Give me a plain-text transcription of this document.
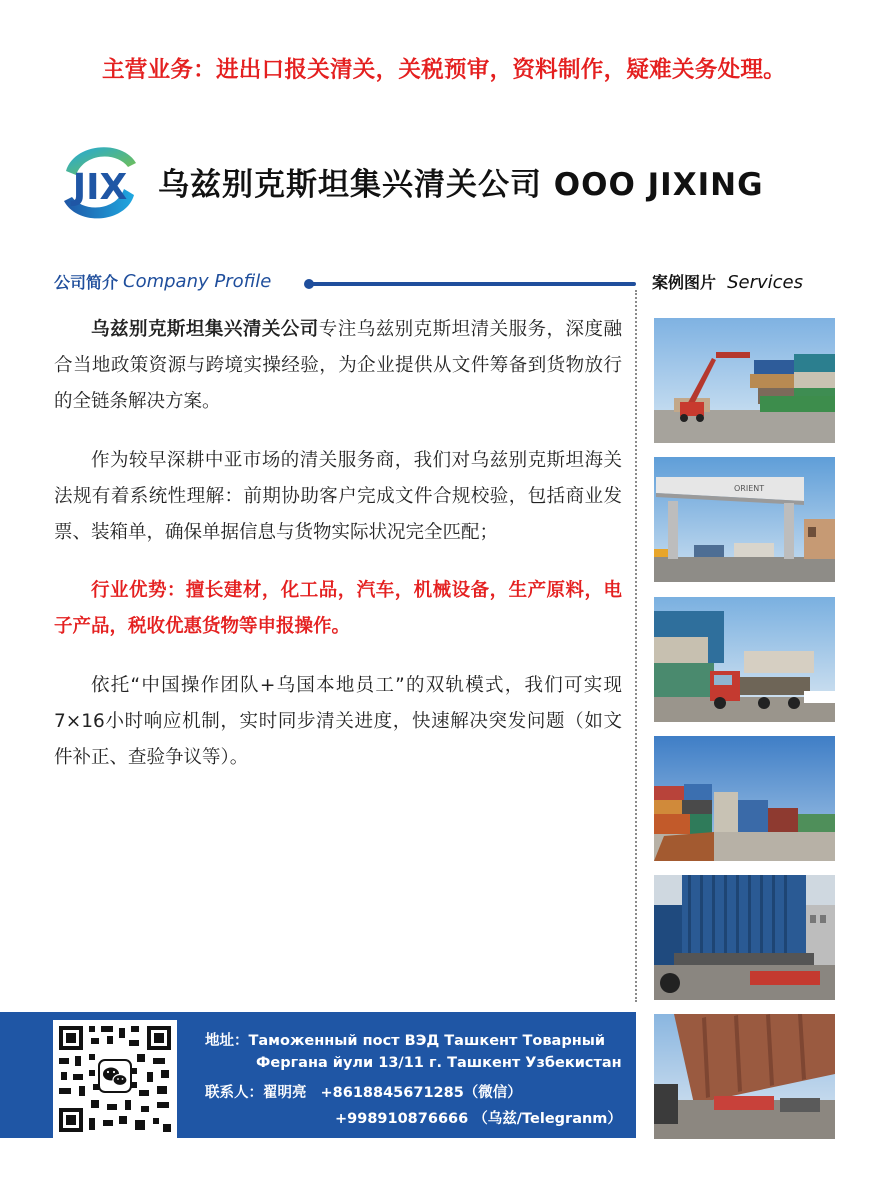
主营业务：进出口报关清关，关税预审，资料制作，疑难关务处理。
JIX 乌兹别克斯坦集兴清关公司 OOO JIXING
公司简介 Company Profile	案例图片 Services

乌兹别克斯坦集兴清关公司专注乌兹别克斯坦清关服务，深度融合当地政策资源与跨境实操经验，为企业提供从文件筹备到货物放行的全链条解决方案。

作为较早深耕中亚市场的清关服务商，我们对乌兹别克斯坦海关法规有着系统性理解：前期协助客户完成文件合规校验，包括商业发票、装箱单，确保单据信息与货物实际状况完全匹配；

行业优势：擅长建材，化工品，汽车，机械设备，生产原料，电子产品，税收优惠货物等申报操作。

依托“中国操作团队+乌国本地员工”的双轨模式，我们可实现7×16小时响应机制，实时同步清关进度，快速解决突发问题（如文件补正、查验争议等）。

地址：Таможенный пост ВЭД Ташкент Товарный
Фергана йули 13/11 г. Ташкент Узбекистан
联系人：翟明亮 +8618845671285（微信）
+998910876666 （乌兹/Telegranm）
ORIENT
